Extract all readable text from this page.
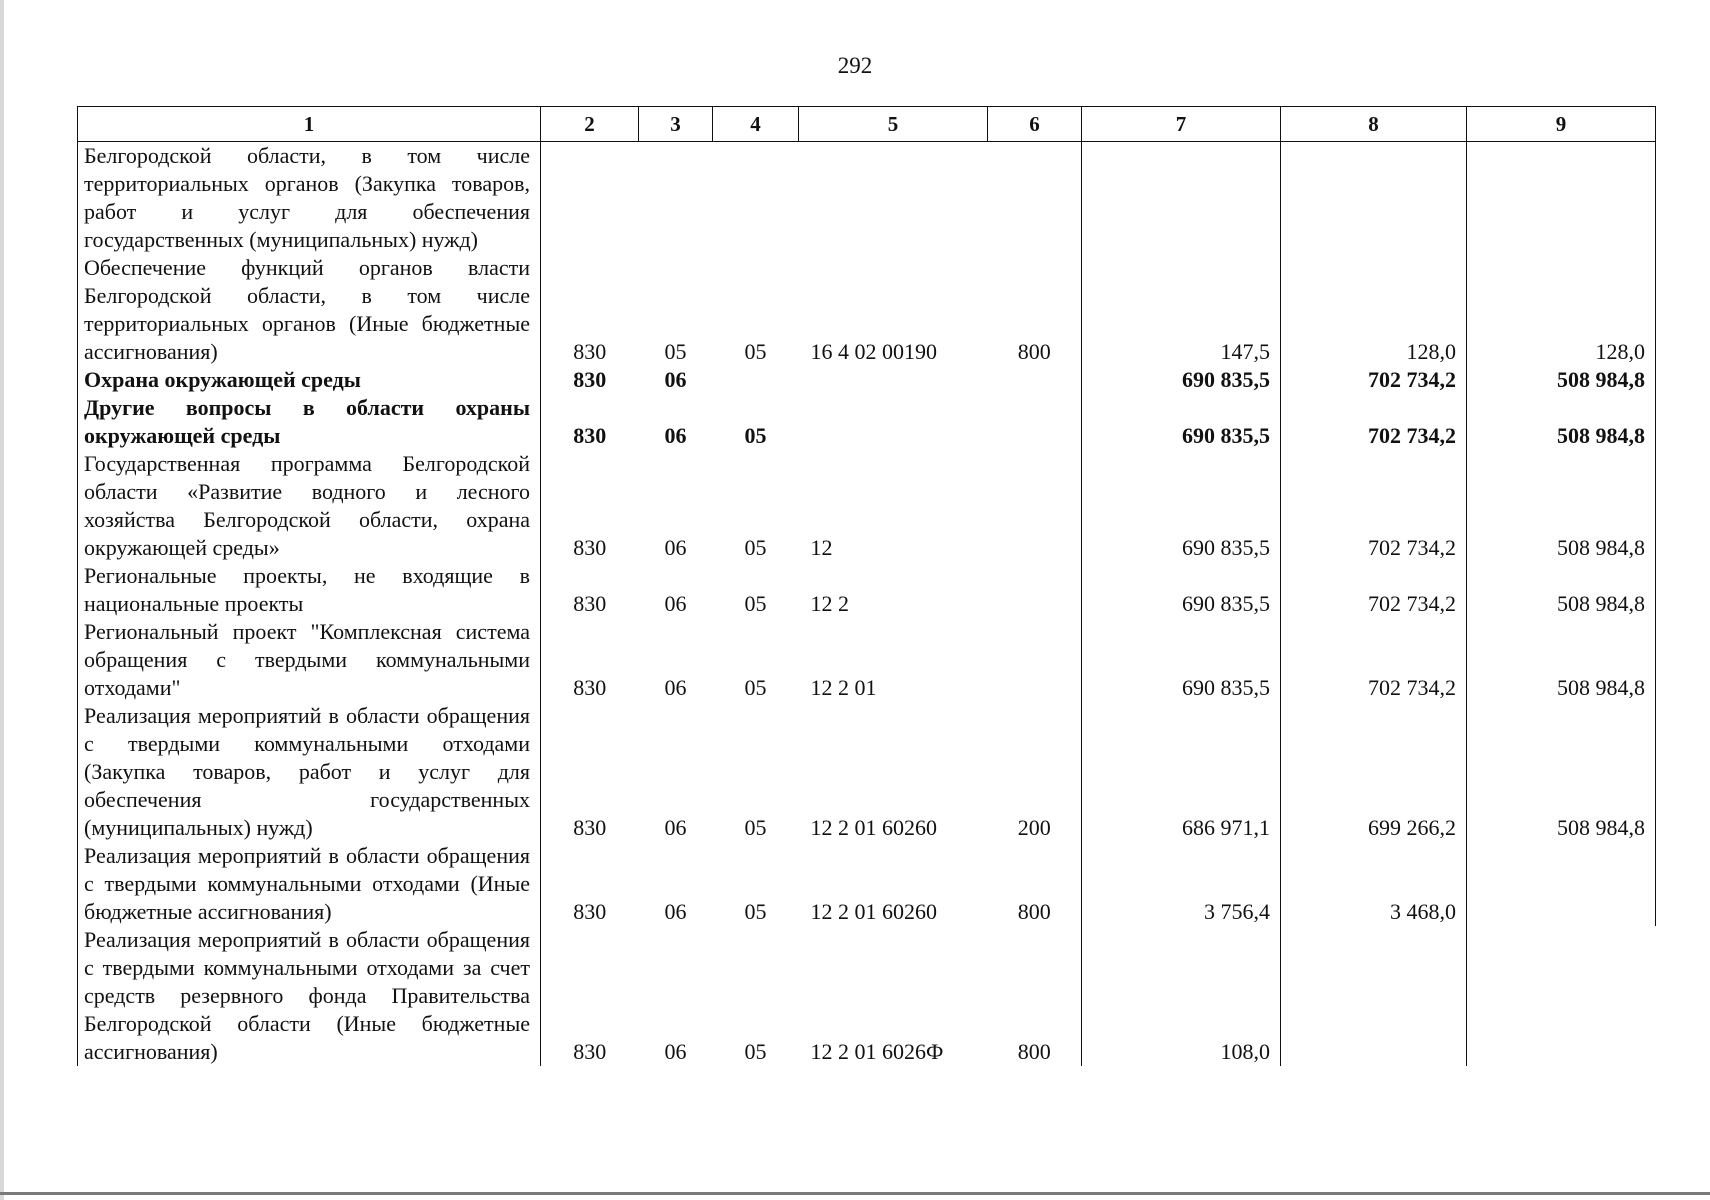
292
1	2	3	4	5	6	7	8	9
Белгородской области, в том числе территориальных органов (Закупка товаров, работ и услуг для обеспечения государственных (муниципальных) нужд)								
Обеспечение функций органов власти Белгородской области, в том числе территориальных органов (Иные бюджетные ассигнования)	830	05	05	16 4 02 00190	800	147,5	128,0	128,0
Охрана окружающей среды	830	06				690 835,5	702 734,2	508 984,8
Другие вопросы в области охраны окружающей среды	830	06	05			690 835,5	702 734,2	508 984,8
Государственная программа Белгородской области «Развитие водного и лесного хозяйства Белгородской области, охрана окружающей среды»	830	06	05	12		690 835,5	702 734,2	508 984,8
Региональные проекты, не входящие в национальные проекты	830	06	05	12 2		690 835,5	702 734,2	508 984,8
Региональный проект "Комплексная система обращения с твердыми коммунальными отходами"	830	06	05	12 2 01		690 835,5	702 734,2	508 984,8
Реализация мероприятий в области обращения с твердыми коммунальными отходами (Закупка товаров, работ и услуг для обеспечения государственных (муниципальных) нужд)	830	06	05	12 2 01 60260	200	686 971,1	699 266,2	508 984,8
Реализация мероприятий в области обращения с твердыми коммунальными отходами (Иные бюджетные ассигнования)	830	06	05	12 2 01 60260	800	3 756,4	3 468,0	
Реализация мероприятий в области обращения с твердыми коммунальными отходами за счет средств резервного фонда Правительства Белгородской области (Иные бюджетные ассигнования)	830	06	05	12 2 01 6026Ф	800	108,0		
